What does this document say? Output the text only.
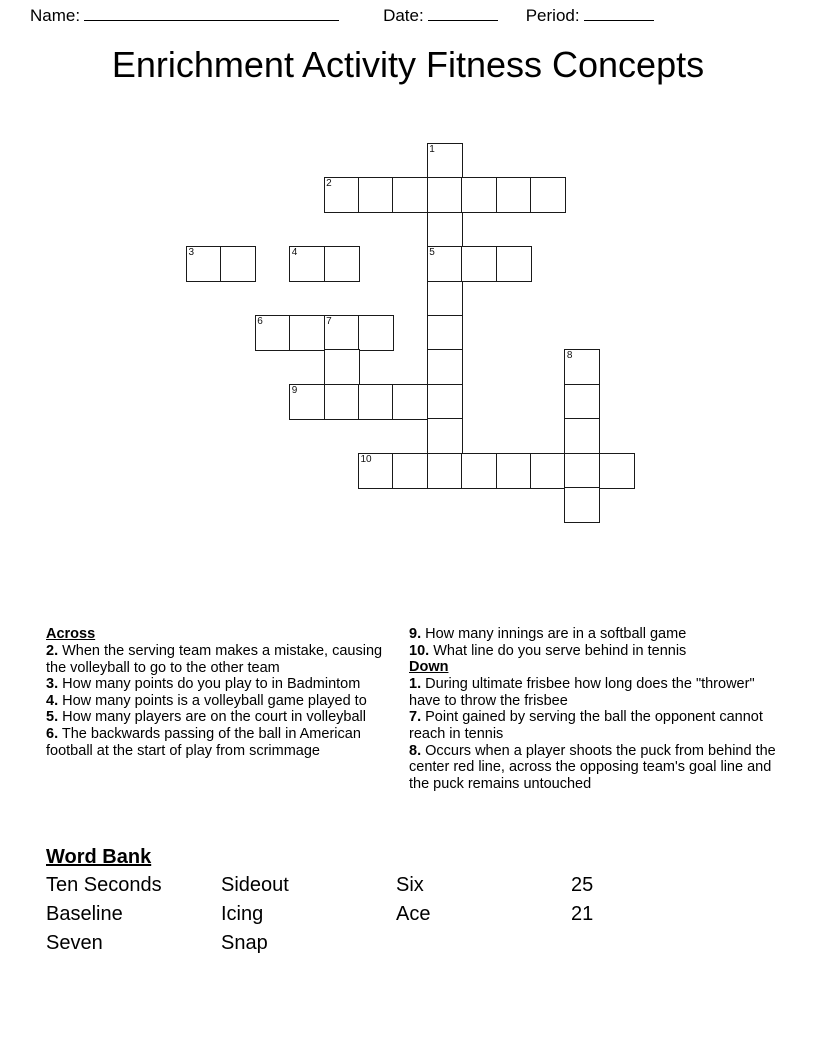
Name:	Date:	Period:
Enrichment Activity Fitness Concepts
1
2
3	4	5
6	7
8
9
10
Across
2. When the serving team makes a mistake, causing the volleyball to go to the other team
3. How many points do you play to in Badmintom
4. How many points is a volleyball game played to
5. How many players are on the court in volleyball
6. The backwards passing of the ball in American football at the start of play from scrimmage
9. How many innings are in a softball game
10. What line do you serve behind in tennis
Down
1. During ultimate frisbee how long does the "thrower" have to throw the frisbee
7. Point gained by serving the ball the opponent cannot reach in tennis
8. Occurs when a player shoots the puck from behind the center red line, across the opposing team's goal line and the puck remains untouched
Word Bank
Ten Seconds	Sideout	Six	25
Baseline	Icing	Ace	21
Seven	Snap
